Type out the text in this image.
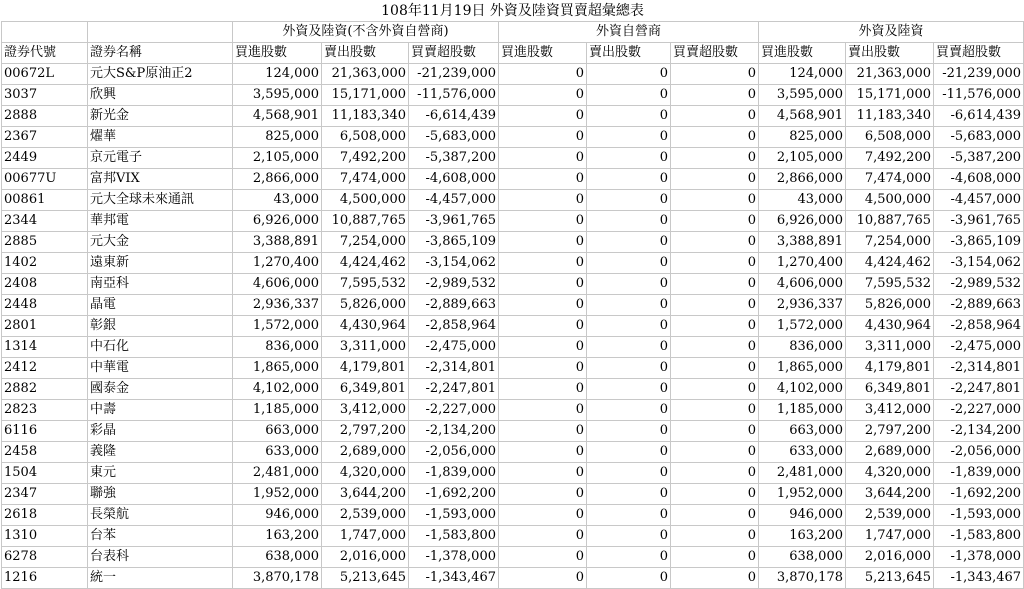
108年11月19日 外資及陸資買賣超彙總表										
		外資及陸資(不含外資自營商)			外資自營商			外資及陸資		
證券代號	證券名稱	買進股數	賣出股數	買賣超股數	買進股數	賣出股數	買賣超股數	買進股數	賣出股數	買賣超股數
00672L	元大S&P原油正2	124,000	21,363,000	-21,239,000	0	0	0	124,000	21,363,000	-21,239,000
3037	欣興	3,595,000	15,171,000	-11,576,000	0	0	0	3,595,000	15,171,000	-11,576,000
2888	新光金	4,568,901	11,183,340	-6,614,439	0	0	0	4,568,901	11,183,340	-6,614,439
2367	燿華	825,000	6,508,000	-5,683,000	0	0	0	825,000	6,508,000	-5,683,000
2449	京元電子	2,105,000	7,492,200	-5,387,200	0	0	0	2,105,000	7,492,200	-5,387,200
00677U	富邦VIX	2,866,000	7,474,000	-4,608,000	0	0	0	2,866,000	7,474,000	-4,608,000
00861	元大全球未來通訊	43,000	4,500,000	-4,457,000	0	0	0	43,000	4,500,000	-4,457,000
2344	華邦電	6,926,000	10,887,765	-3,961,765	0	0	0	6,926,000	10,887,765	-3,961,765
2885	元大金	3,388,891	7,254,000	-3,865,109	0	0	0	3,388,891	7,254,000	-3,865,109
1402	遠東新	1,270,400	4,424,462	-3,154,062	0	0	0	1,270,400	4,424,462	-3,154,062
2408	南亞科	4,606,000	7,595,532	-2,989,532	0	0	0	4,606,000	7,595,532	-2,989,532
2448	晶電	2,936,337	5,826,000	-2,889,663	0	0	0	2,936,337	5,826,000	-2,889,663
2801	彰銀	1,572,000	4,430,964	-2,858,964	0	0	0	1,572,000	4,430,964	-2,858,964
1314	中石化	836,000	3,311,000	-2,475,000	0	0	0	836,000	3,311,000	-2,475,000
2412	中華電	1,865,000	4,179,801	-2,314,801	0	0	0	1,865,000	4,179,801	-2,314,801
2882	國泰金	4,102,000	6,349,801	-2,247,801	0	0	0	4,102,000	6,349,801	-2,247,801
2823	中壽	1,185,000	3,412,000	-2,227,000	0	0	0	1,185,000	3,412,000	-2,227,000
6116	彩晶	663,000	2,797,200	-2,134,200	0	0	0	663,000	2,797,200	-2,134,200
2458	義隆	633,000	2,689,000	-2,056,000	0	0	0	633,000	2,689,000	-2,056,000
1504	東元	2,481,000	4,320,000	-1,839,000	0	0	0	2,481,000	4,320,000	-1,839,000
2347	聯強	1,952,000	3,644,200	-1,692,200	0	0	0	1,952,000	3,644,200	-1,692,200
2618	長榮航	946,000	2,539,000	-1,593,000	0	0	0	946,000	2,539,000	-1,593,000
1310	台苯	163,200	1,747,000	-1,583,800	0	0	0	163,200	1,747,000	-1,583,800
6278	台表科	638,000	2,016,000	-1,378,000	0	0	0	638,000	2,016,000	-1,378,000
1216	統一	3,870,178	5,213,645	-1,343,467	0	0	0	3,870,178	5,213,645	-1,343,467
